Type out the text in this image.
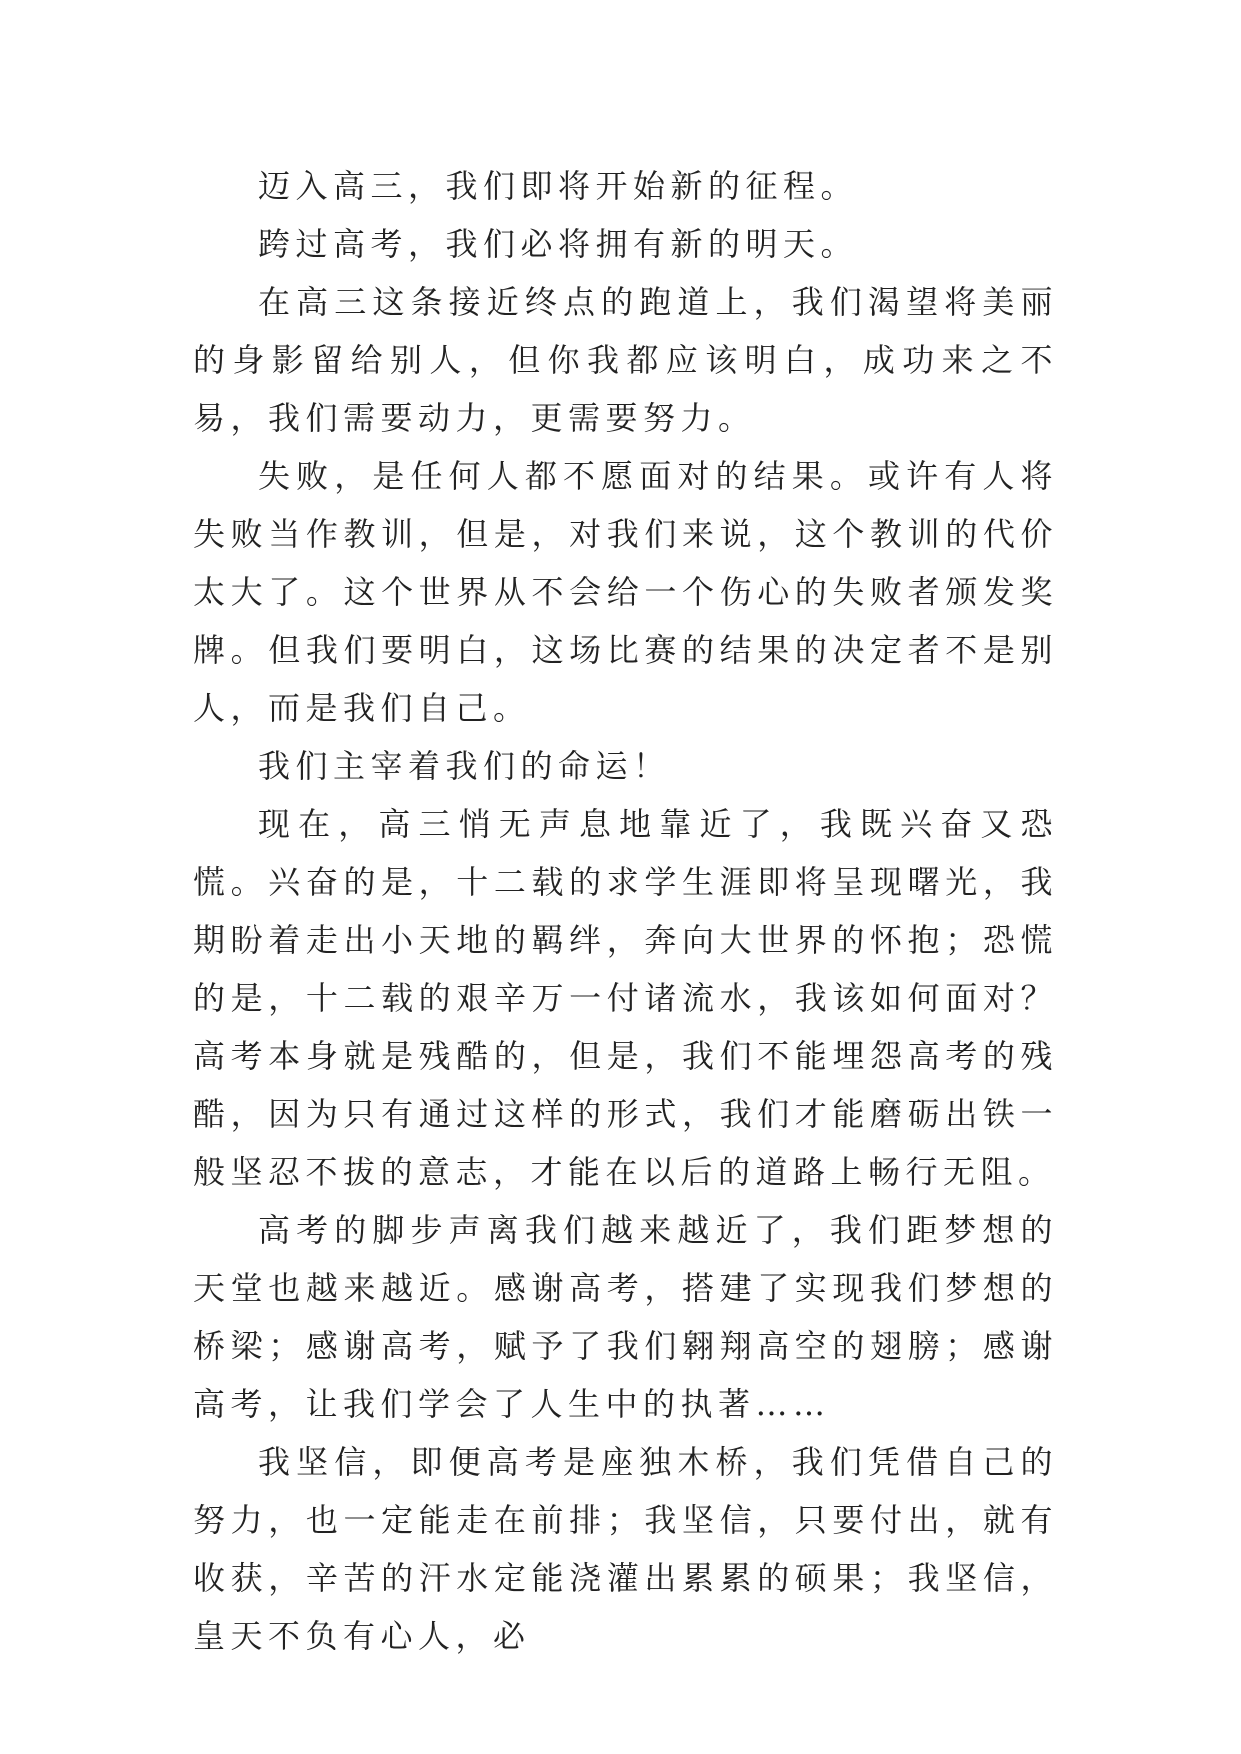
迈入高三，我们即将开始新的征程。

跨过高考，我们必将拥有新的明天。

在高三这条接近终点的跑道上，我们渴望将美丽的身影留给别人，但你我都应该明白，成功来之不易，我们需要动力，更需要努力。

失败，是任何人都不愿面对的结果。或许有人将失败当作教训，但是，对我们来说，这个教训的代价太大了。这个世界从不会给一个伤心的失败者颁发奖牌。但我们要明白，这场比赛的结果的决定者不是别人，而是我们自己。

我们主宰着我们的命运！

现在，高三悄无声息地靠近了，我既兴奋又恐慌。兴奋的是，十二载的求学生涯即将呈现曙光，我期盼着走出小天地的羁绊，奔向大世界的怀抱；恐慌的是，十二载的艰辛万一付诸流水，我该如何面对？高考本身就是残酷的，但是，我们不能埋怨高考的残酷，因为只有通过这样的形式，我们才能磨砺出铁一般坚忍不拔的意志，才能在以后的道路上畅行无阻。

高考的脚步声离我们越来越近了，我们距梦想的天堂也越来越近。感谢高考，搭建了实现我们梦想的桥梁；感谢高考，赋予了我们翱翔高空的翅膀；感谢高考，让我们学会了人生中的执著……

我坚信，即便高考是座独木桥，我们凭借自己的努力，也一定能走在前排；我坚信，只要付出，就有收获，辛苦的汗水定能浇灌出累累的硕果；我坚信，皇天不负有心人，必
